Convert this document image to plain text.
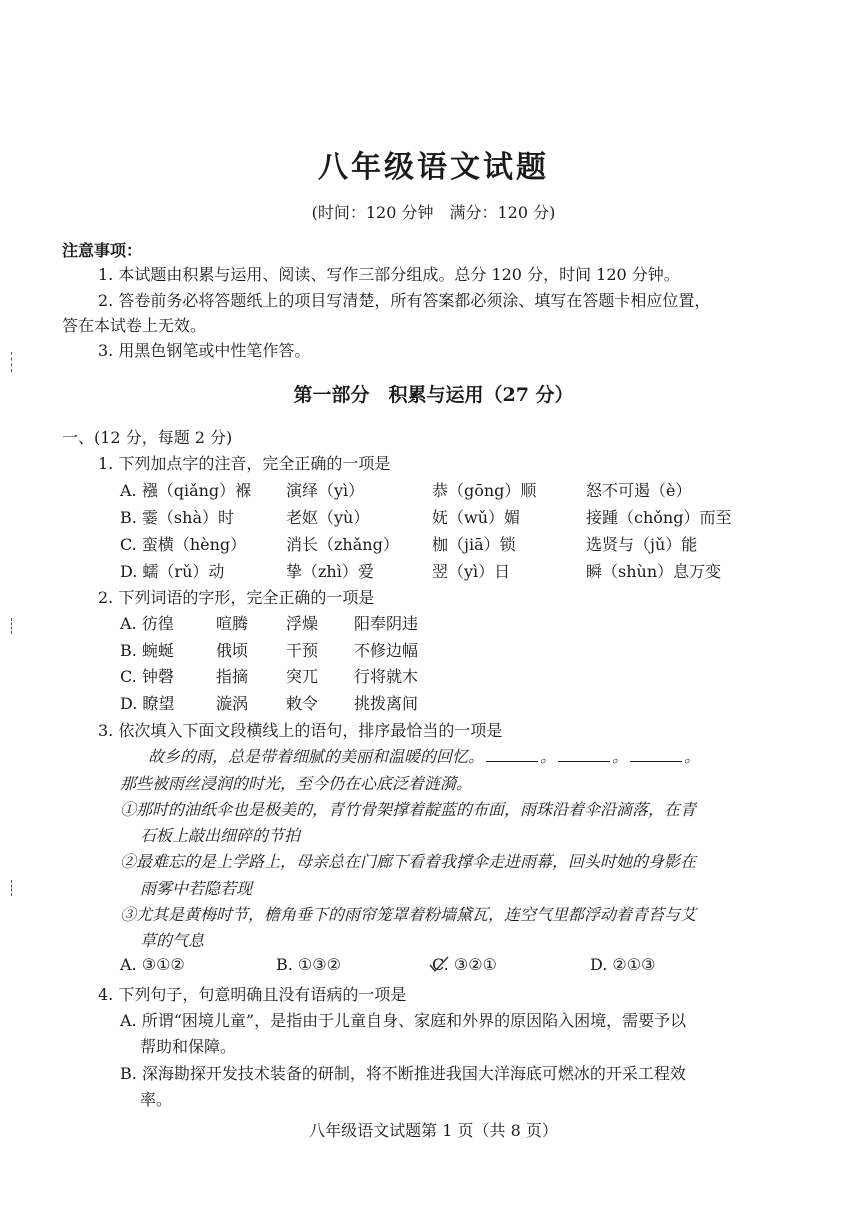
八年级语文试题
(时间：120 分钟　满分：120 分)
注意事项：
1. 本试题由积累与运用、阅读、写作三部分组成。总分 120 分，时间 120 分钟。
2. 答卷前务必将答题纸上的项目写清楚，所有答案都必须涂、填写在答题卡相应位置，
答在本试卷上无效。
3. 用黑色钢笔或中性笔作答。
第一部分　积累与运用（27 分）
一、(12 分，每题 2 分)
1. 下列加点字的注音，完全正确的一项是
A. 襁（qiǎng）褓 演绎（yì）	恭（gōng）顺	怒不可遏（è）
B. 霎（shà）时	老妪（yù）	妩（wǔ）媚	接踵（chǒng）而至
C. 蛮横（hèng） 消长（zhǎng） 枷（jiā）锁	选贤与（jǔ）能
D. 蠕（rǔ）动	挚（zhì）爱	翌（yì）日	瞬（shùn）息万变
2. 下列词语的字形，完全正确的一项是
A. 彷徨	喧腾 浮燥 阳奉阴违
B. 蜿蜒	俄顷 干预 不修边幅
C. 钟磬	指摘 突兀 行将就木
D. 瞭望	漩涡 敕令 挑拨离间
3. 依次填入下面文段横线上的语句，排序最恰当的一项是
故乡的雨，总是带着细腻的美丽和温暖的回忆。	。	。	。
那些被雨丝浸润的时光，至今仍在心底泛着涟漪。
①那时的油纸伞也是极美的，青竹骨架撑着靛蓝的布面，雨珠沿着伞沿滴落，在青
石板上敲出细碎的节拍
②最难忘的是上学路上，母亲总在门廊下看着我撑伞走进雨幕，回头时她的身影在
雨雾中若隐若现
③尤其是黄梅时节，檐角垂下的雨帘笼罩着粉墙黛瓦，连空气里都浮动着青苔与艾
草的气息
A. ③①②	B. ①③②	C. ③②①	D. ②①③
4. 下列句子，句意明确且没有语病的一项是
A. 所谓“困境儿童”，是指由于儿童自身、家庭和外界的原因陷入困境，需要予以
帮助和保障。
B. 深海勘探开发技术装备的研制，将不断推进我国大洋海底可燃冰的开采工程效
率。
八年级语文试题第 1 页（共 8 页）
